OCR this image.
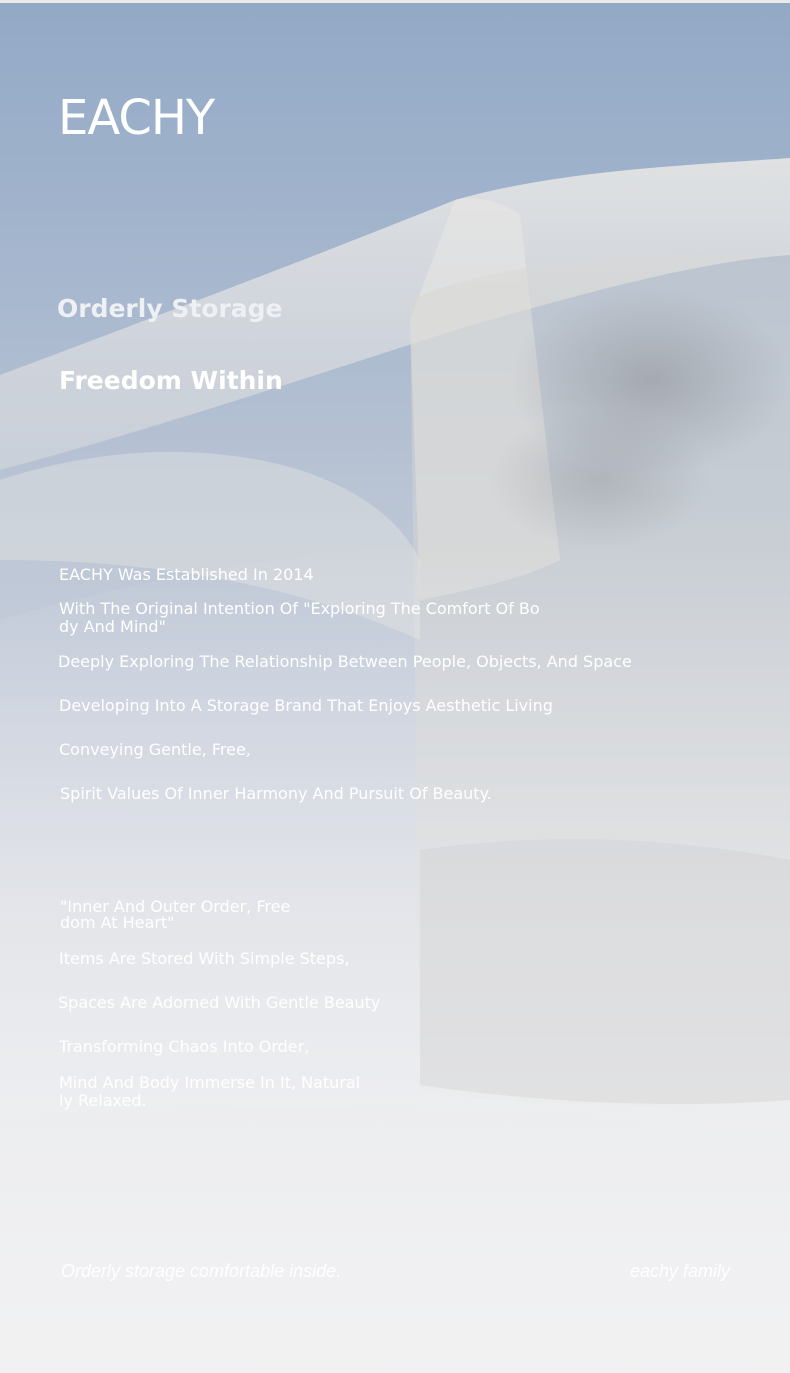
EACHY
Orderly Storage
Freedom Within

EACHY Was Established In 2014

With The Original Intention Of "Exploring The Comfort Of Bo

dy And Mind"

Deeply Exploring The Relationship Between People, Objects, And Space

Developing Into A Storage Brand That Enjoys Aesthetic Living

Conveying Gentle, Free,

Spirit Values Of Inner Harmony And Pursuit Of Beauty.

"Inner And Outer Order, Free

dom At Heart"

Items Are Stored With Simple Steps,

Spaces Are Adorned With Gentle Beauty

Transforming Chaos Into Order,

Mind And Body Immerse In It, Natural

ly Relaxed.

Orderly storage comfortable inside.	eachy family
